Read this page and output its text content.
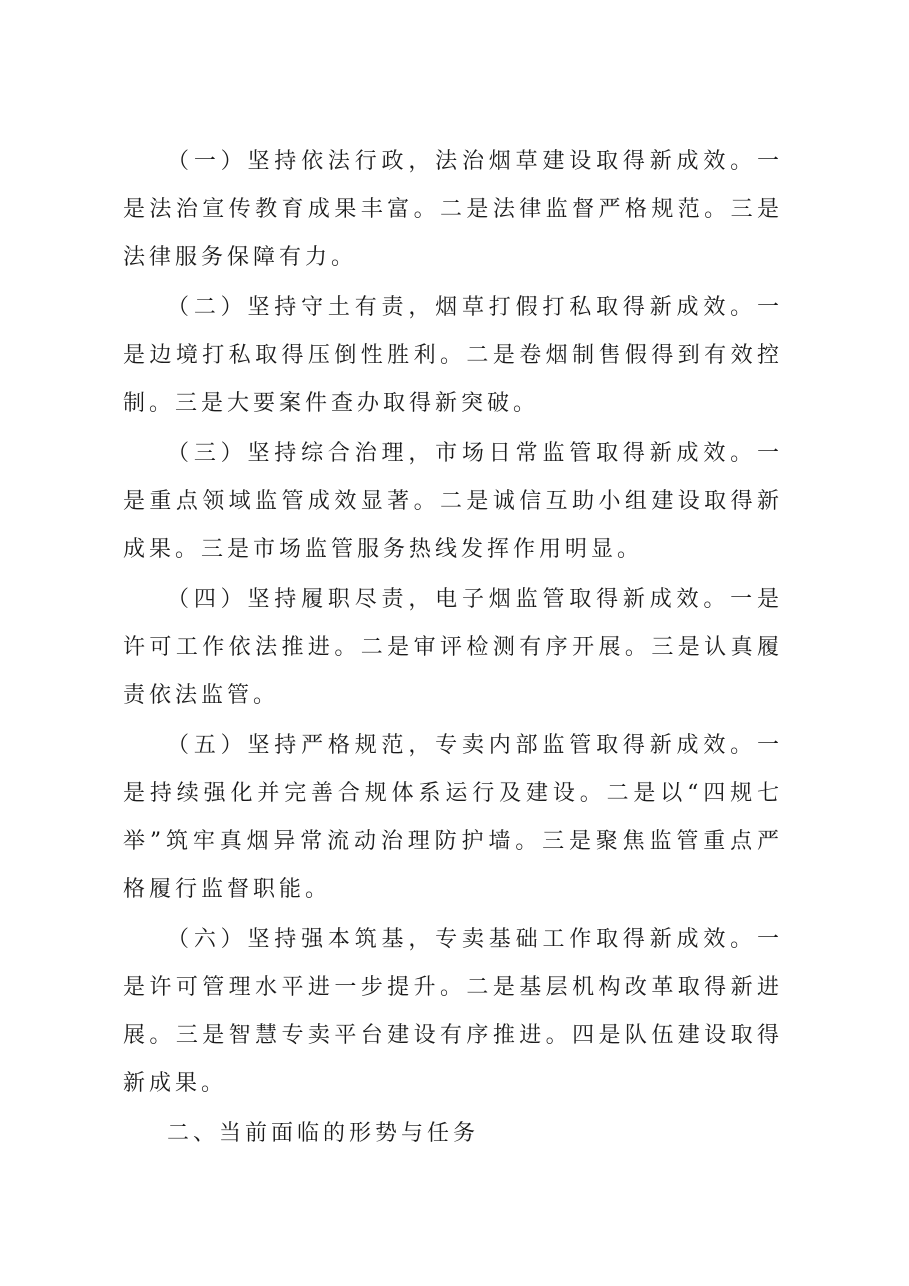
（一）坚持依法行政，法治烟草建设取得新成效。一是法治宣传教育成果丰富。二是法律监督严格规范。三是法律服务保障有力。

（二）坚持守土有责，烟草打假打私取得新成效。一是边境打私取得压倒性胜利。二是卷烟制售假得到有效控制。三是大要案件查办取得新突破。

（三）坚持综合治理，市场日常监管取得新成效。一是重点领域监管成效显著。二是诚信互助小组建设取得新成果。三是市场监管服务热线发挥作用明显。

（四）坚持履职尽责，电子烟监管取得新成效。一是许可工作依法推进。二是审评检测有序开展。三是认真履责依法监管。

（五）坚持严格规范，专卖内部监管取得新成效。一是持续强化并完善合规体系运行及建设。二是以“四规七举”筑牢真烟异常流动治理防护墙。三是聚焦监管重点严格履行监督职能。

（六）坚持强本筑基，专卖基础工作取得新成效。一是许可管理水平进一步提升。二是基层机构改革取得新进展。三是智慧专卖平台建设有序推进。四是队伍建设取得新成果。

二、当前面临的形势与任务
